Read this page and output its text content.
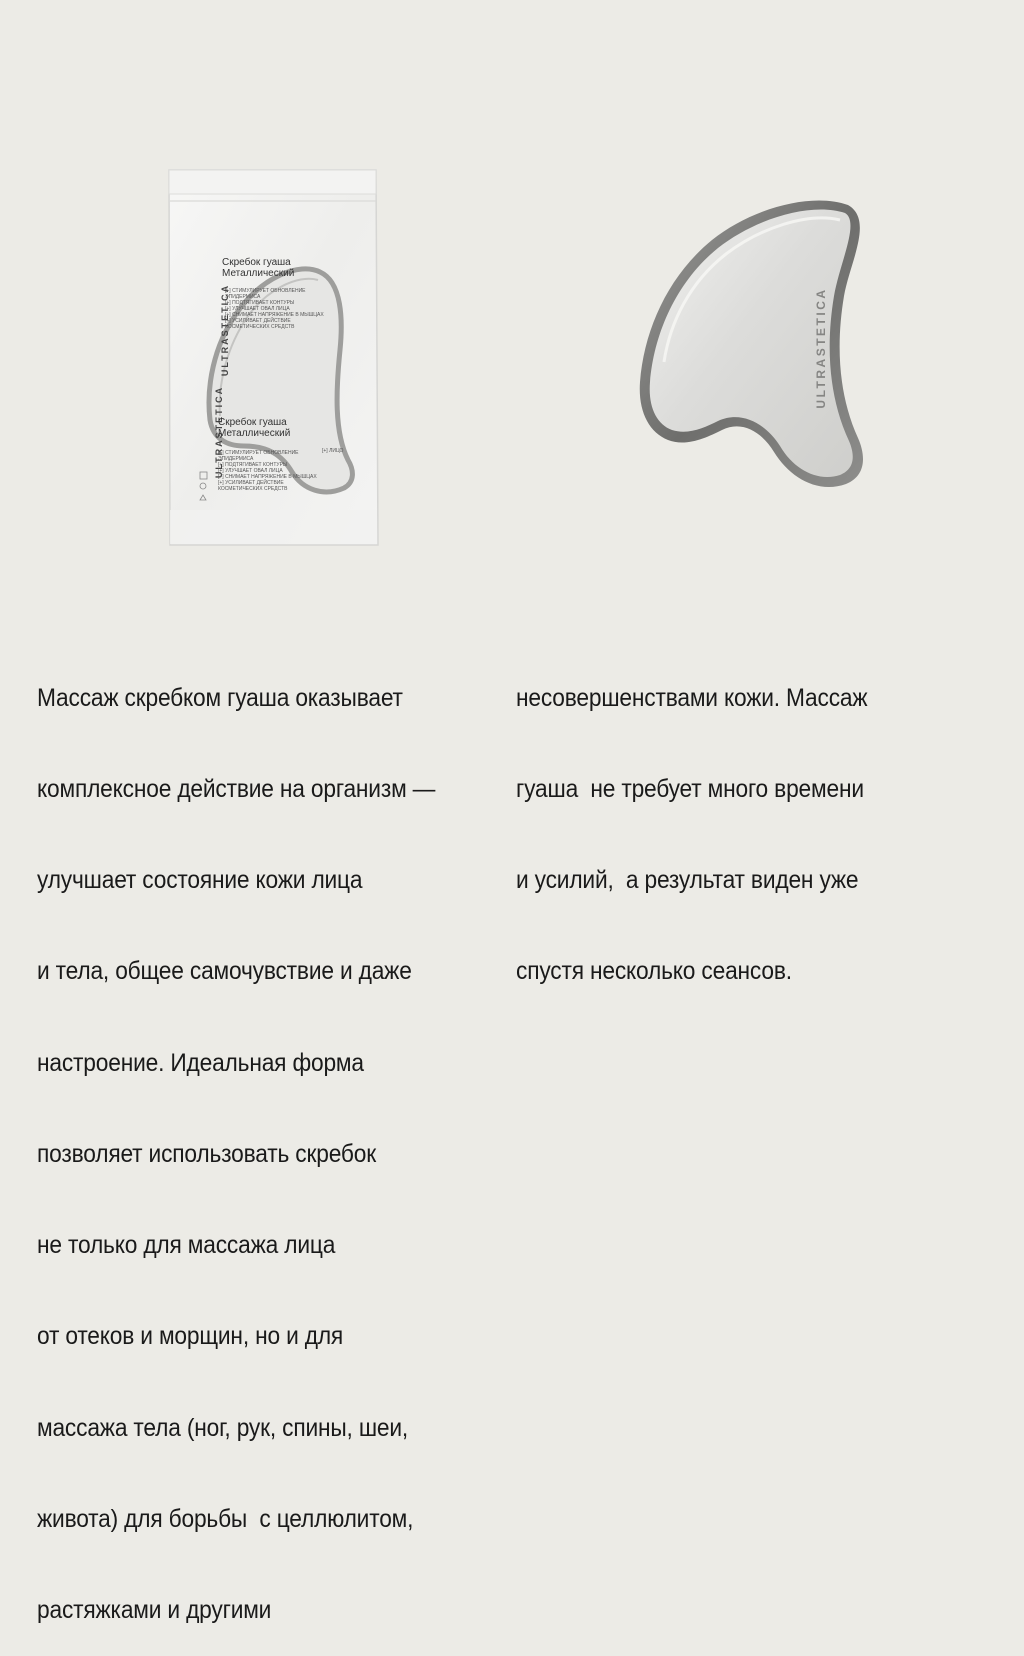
ULTRASTETICA
ULTRASTETICA
Скребок гуаша
Металлический
[+] СТИМУЛИРУЕТ ОБНОВЛЕНИЕ
ЭПИДЕРМИСА
[+] ПОДТЯГИВАЕТ КОНТУРЫ
[+] УЛУЧШАЕТ ОВАЛ ЛИЦА
[+] СНИМАЕТ НАПРЯЖЕНИЕ В МЫШЦАХ
[+] УСИЛИВАЕТ ДЕЙСТВИЕ
КОСМЕТИЧЕСКИХ СРЕДСТВ
Скребок гуаша
Металлический
[+] СТИМУЛИРУЕТ ОБНОВЛЕНИЕ
ЭПИДЕРМИСА
[+] ПОДТЯГИВАЕТ КОНТУРЫ
[+] УЛУЧШАЕТ ОВАЛ ЛИЦА
[+] СНИМАЕТ НАПРЯЖЕНИЕ В МЫШЦАХ
[+] УСИЛИВАЕТ ДЕЙСТВИЕ
КОСМЕТИЧЕСКИХ СРЕДСТВ
[+] ЛИЦО
ULTRASTETICA

Массаж скребком гуаша оказывает

комплексное действие на организм —

улучшает состояние кожи лица

и тела, общее самочувствие и даже

настроение. Идеальная форма

позволяет использовать скребок

не только для массажа лица

от отеков и морщин, но и для

массажа тела (ног, рук, спины, шеи,

живота) для борьбы  с целлюлитом,

растяжками и другими

несовершенствами кожи. Массаж

гуаша  не требует много времени

и усилий,  а результат виден уже

спустя несколько сеансов.
